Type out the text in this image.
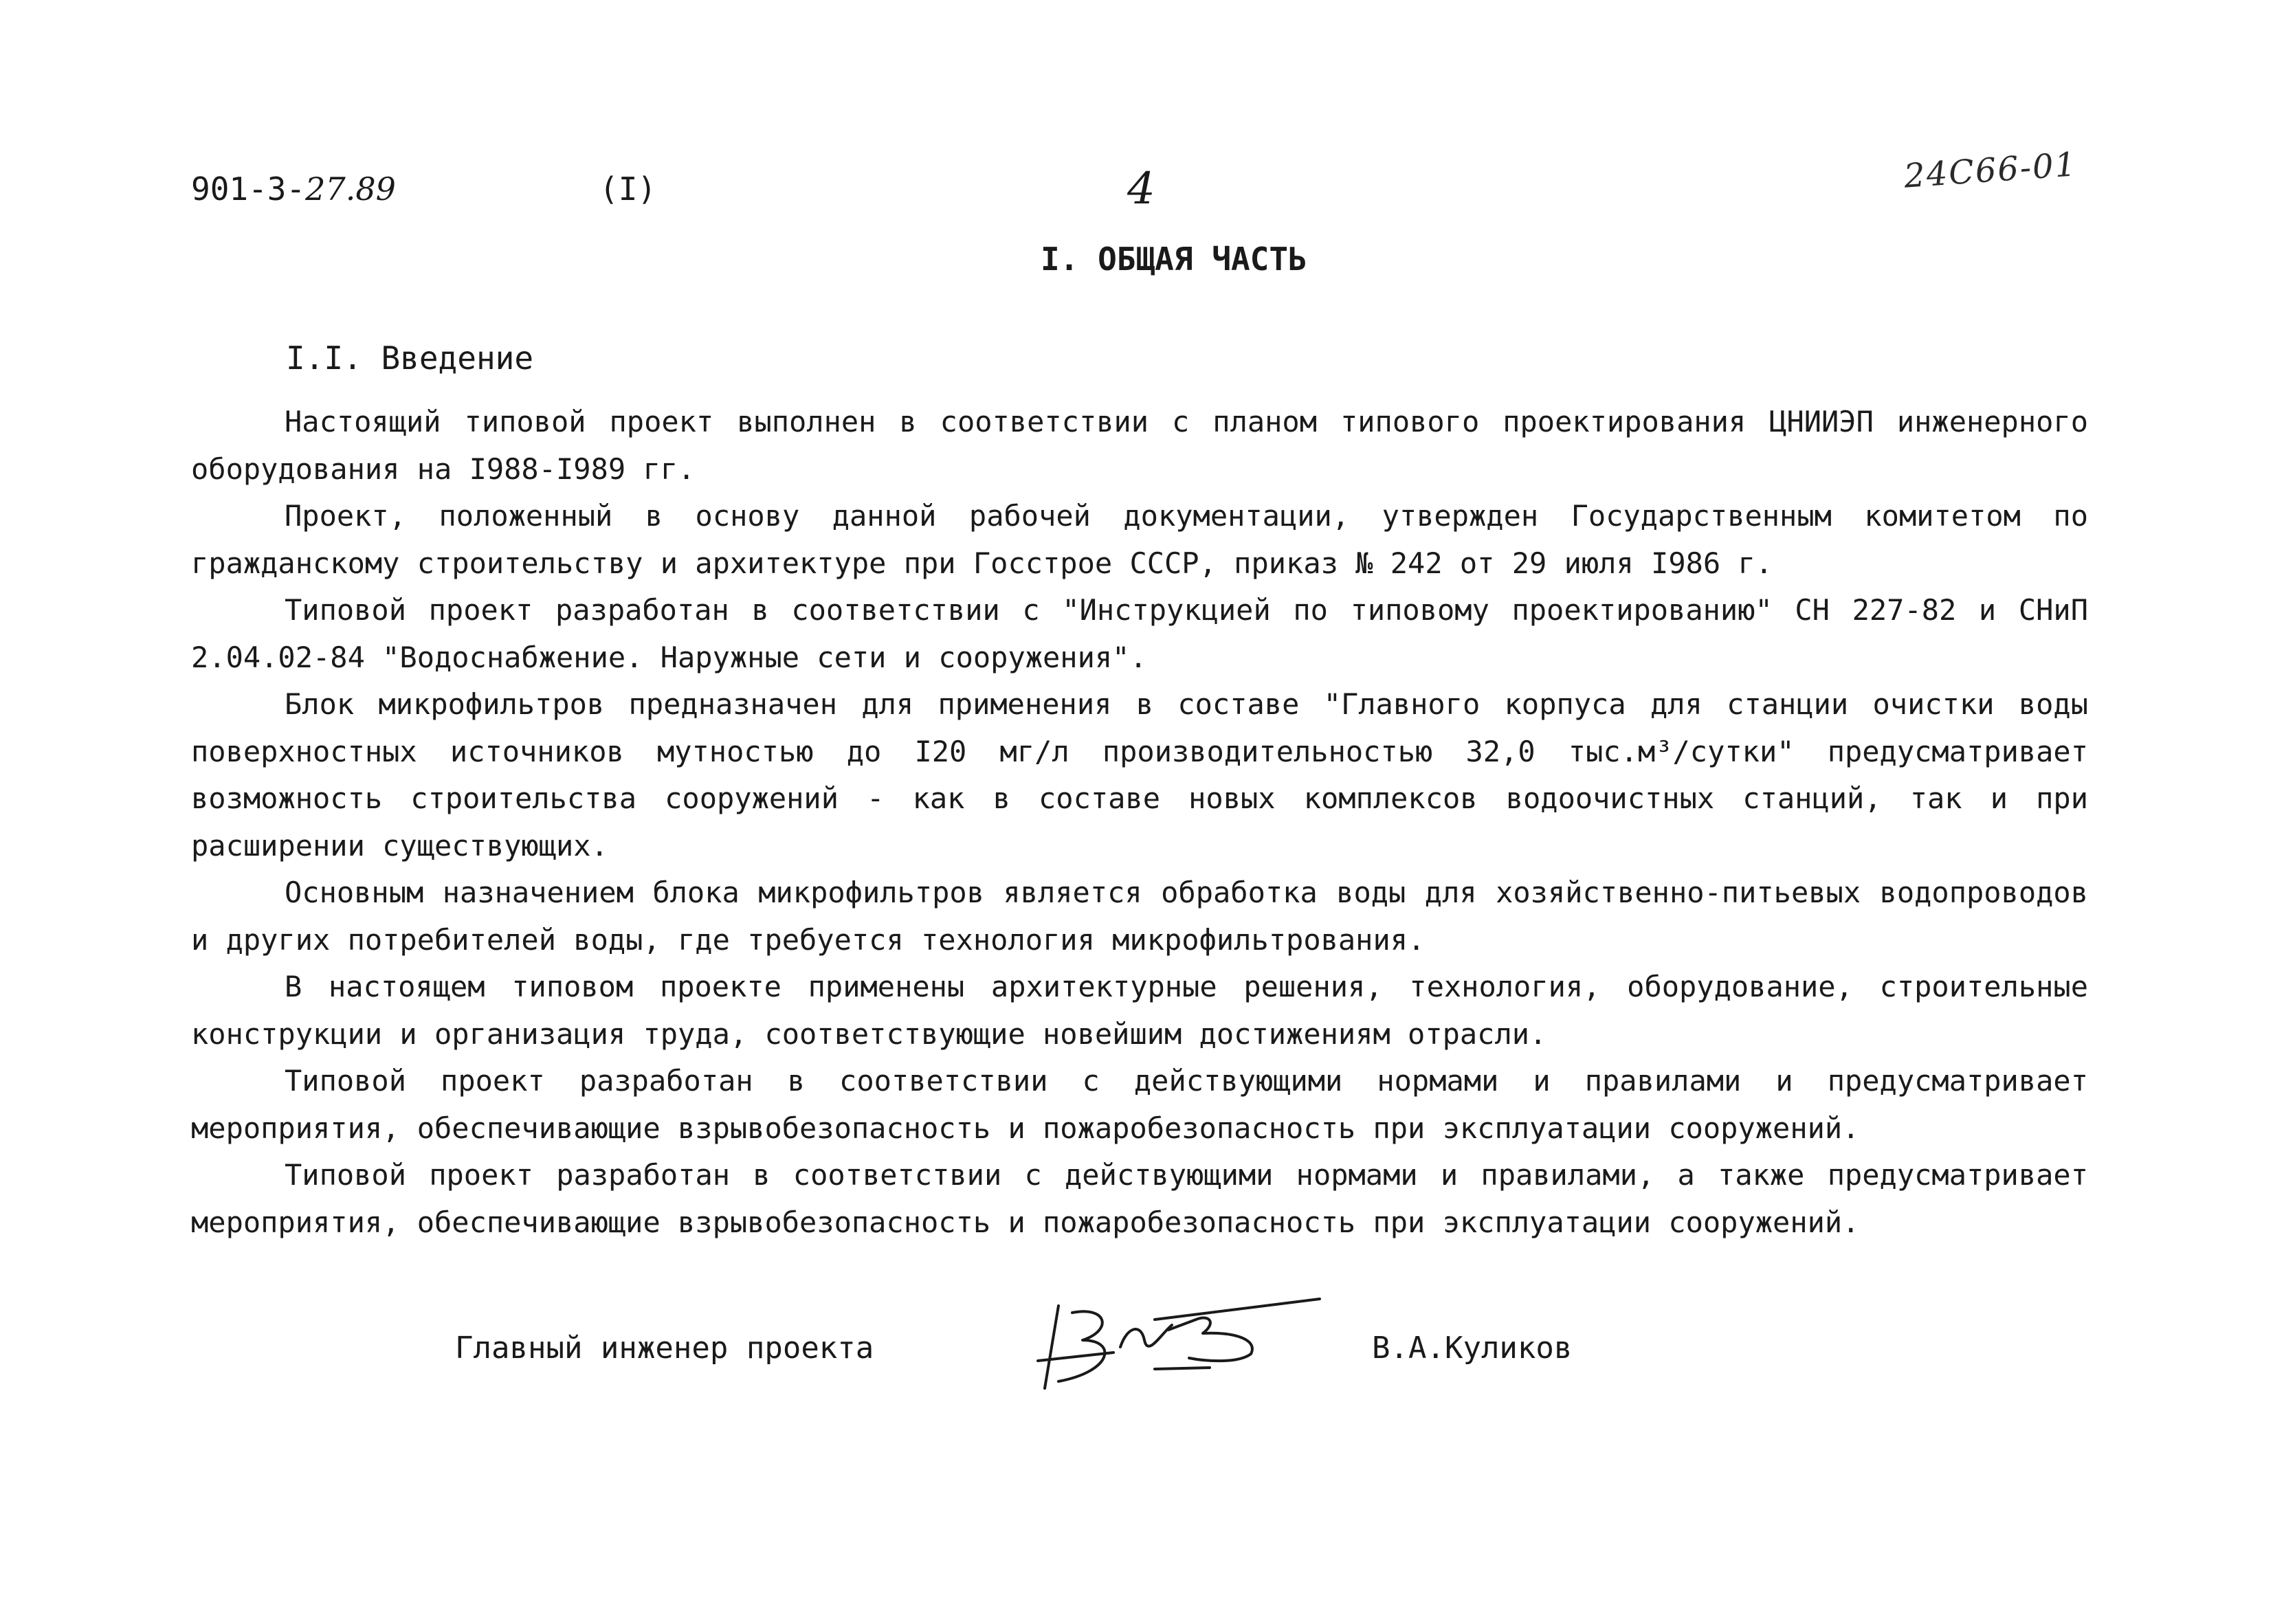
901-3-27.89	(I)	4	24С66-01
I. ОБЩАЯ ЧАСТЬ
I.I. Введение

Настоящий типовой проект выполнен в соответствии с планом типового проектирования ЦНИИЭП инженерного оборудования на I988-I989 гг.

Проект, положенный в основу данной рабочей документации, утвержден Государственным комитетом по гражданскому строительству и архитектуре при Госстрое СССР, приказ № 242 от 29 июля I986 г.

Типовой проект разработан в соответствии с "Инструкцией по типовому проектированию" СН 227-82 и СНиП 2.04.02-84 "Водоснабжение. Наружные сети и сооружения".

Блок микрофильтров предназначен для применения в составе "Главного корпуса для станции очистки воды поверхностных источников мутностью до I20 мг/л производительностью 32,0 тыс.м³/сутки" предусматривает возможность строительства сооружений - как в составе новых комплексов водоочистных станций, так и при расширении существующих.

Основным назначением блока микрофильтров является обработка воды для хозяйственно-питьевых водопроводов и других потребителей воды, где требуется технология микрофильтрования.

В настоящем типовом проекте применены архитектурные решения, технология, оборудование, строительные конструкции и организация труда, соответствующие новейшим достижениям отрасли.

Типовой проект разработан в соответствии с действующими нормами и правилами и предусматривает мероприятия, обеспечивающие взрывобезопасность и пожаробезопасность при эксплуатации сооружений.

Типовой проект разработан в соответствии с действующими нормами и правилами, а также предусматривает мероприятия, обеспечивающие взрывобезопасность и пожаробезопасность при эксплуатации сооружений.

Главный инженер проекта	В.А.Куликов
